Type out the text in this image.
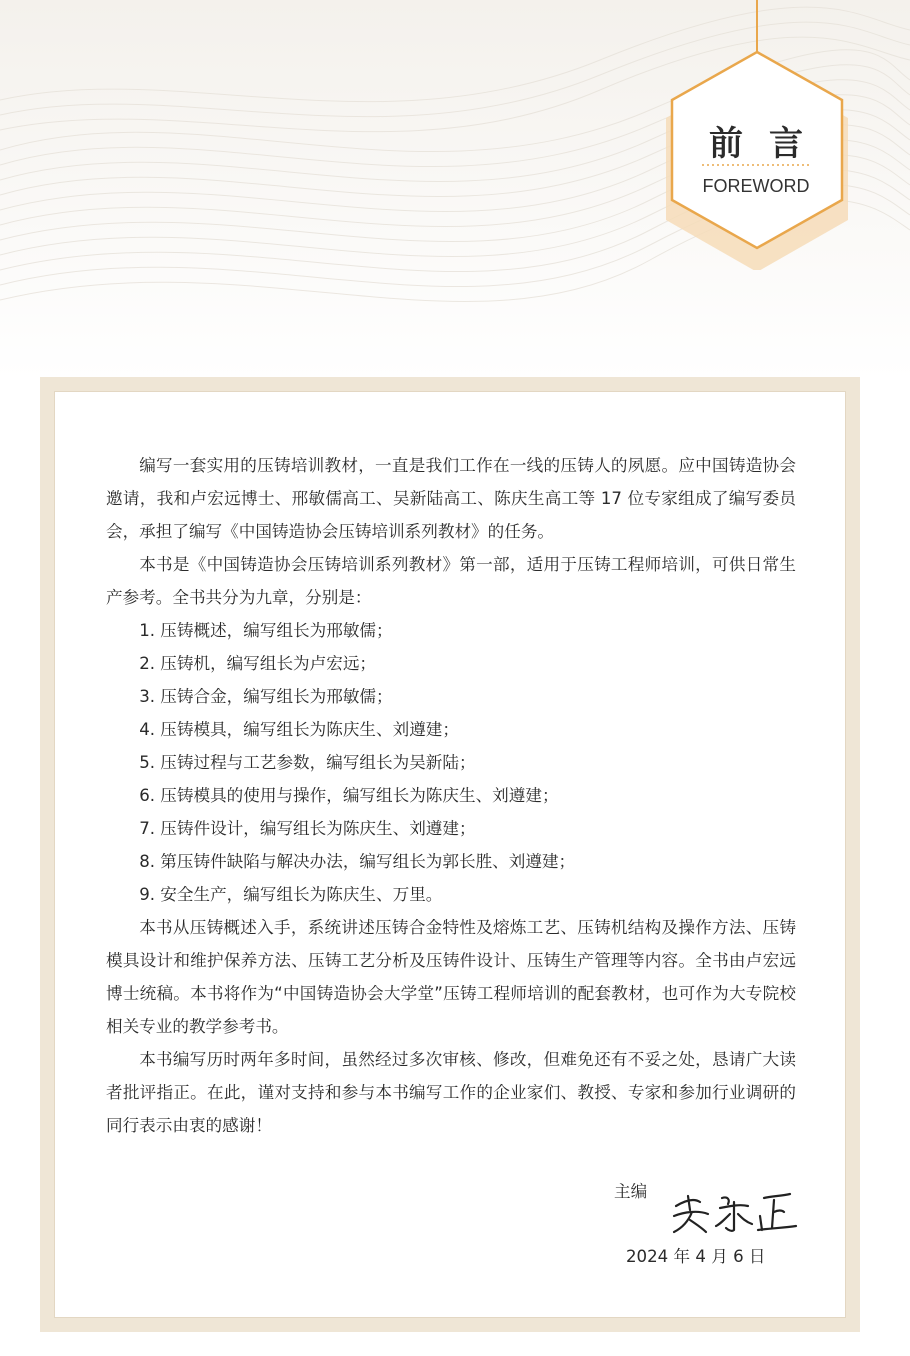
前言
FOREWORD

编写一套实用的压铸培训教材，一直是我们工作在一线的压铸人的夙愿。应中国铸造协会邀请，我和卢宏远博士、邢敏儒高工、吴新陆高工、陈庆生高工等 17 位专家组成了编写委员会，承担了编写《中国铸造协会压铸培训系列教材》的任务。

本书是《中国铸造协会压铸培训系列教材》第一部，适用于压铸工程师培训，可供日常生产参考。全书共分为九章，分别是：

1. 压铸概述，编写组长为邢敏儒；

2. 压铸机，编写组长为卢宏远；

3. 压铸合金，编写组长为邢敏儒；

4. 压铸模具，编写组长为陈庆生、刘遵建；

5. 压铸过程与工艺参数，编写组长为吴新陆；

6. 压铸模具的使用与操作，编写组长为陈庆生、刘遵建；

7. 压铸件设计，编写组长为陈庆生、刘遵建；

8. 第压铸件缺陷与解决办法，编写组长为郭长胜、刘遵建；

9. 安全生产，编写组长为陈庆生、万里。

本书从压铸概述入手，系统讲述压铸合金特性及熔炼工艺、压铸机结构及操作方法、压铸模具设计和维护保养方法、压铸工艺分析及压铸件设计、压铸生产管理等内容。全书由卢宏远博士统稿。本书将作为“中国铸造协会大学堂”压铸工程师培训的配套教材，也可作为大专院校相关专业的教学参考书。

本书编写历时两年多时间，虽然经过多次审核、修改，但难免还有不妥之处，恳请广大读者批评指正。在此，谨对支持和参与本书编写工作的企业家们、教授、专家和参加行业调研的同行表示由衷的感谢！

主编
2024 年 4 月 6 日
